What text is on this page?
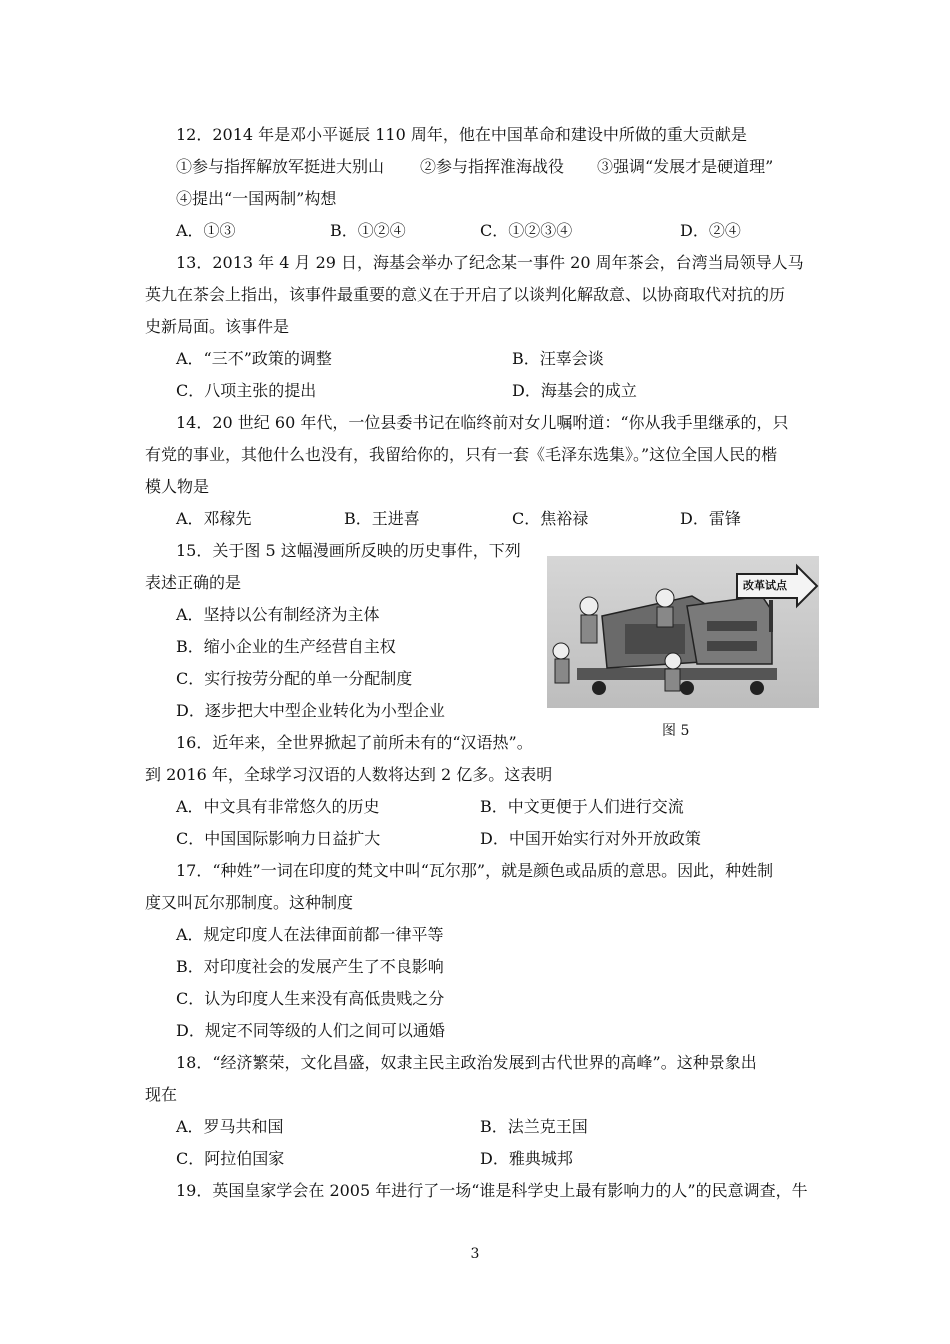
12．2014 年是邓小平诞辰 110 周年，他在中国革命和建设中所做的重大贡献是
①参与指挥解放军挺进大别山 ②参与指挥淮海战役 ③强调“发展才是硬道理”
④提出“一国两制”构想
A．①③	B．①②④	C．①②③④	D．②④
13．2013 年 4 月 29 日，海基会举办了纪念某一事件 20 周年茶会，台湾当局领导人马
英九在茶会上指出，该事件最重要的意义在于开启了以谈判化解敌意、以协商取代对抗的历
史新局面。该事件是
A．“三不”政策的调整	B．汪辜会谈
C．八项主张的提出	D．海基会的成立
14．20 世纪 60 年代，一位县委书记在临终前对女儿嘱咐道：“你从我手里继承的，只
有党的事业，其他什么也没有，我留给你的，只有一套《毛泽东选集》。”这位全国人民的楷
模人物是
A．邓稼先	B．王进喜	C．焦裕禄	D．雷锋
15．关于图 5 这幅漫画所反映的历史事件，下列
表述正确的是
A．坚持以公有制经济为主体
B．缩小企业的生产经营自主权
C．实行按劳分配的单一分配制度
D．逐步把大中型企业转化为小型企业
改革试点
图 5
16．近年来，全世界掀起了前所未有的“汉语热”。
到 2016 年，全球学习汉语的人数将达到 2 亿多。这表明
A．中文具有非常悠久的历史	B．中文更便于人们进行交流
C．中国国际影响力日益扩大	D．中国开始实行对外开放政策
17．“种姓”一词在印度的梵文中叫“瓦尔那”，就是颜色或品质的意思。因此，种姓制
度又叫瓦尔那制度。这种制度
A．规定印度人在法律面前都一律平等
B．对印度社会的发展产生了不良影响
C．认为印度人生来没有高低贵贱之分
D．规定不同等级的人们之间可以通婚
18．“经济繁荣，文化昌盛，奴隶主民主政治发展到古代世界的高峰”。这种景象出
现在
A．罗马共和国	B．法兰克王国
C．阿拉伯国家	D．雅典城邦
19．英国皇家学会在 2005 年进行了一场“谁是科学史上最有影响力的人”的民意调查，牛
3
